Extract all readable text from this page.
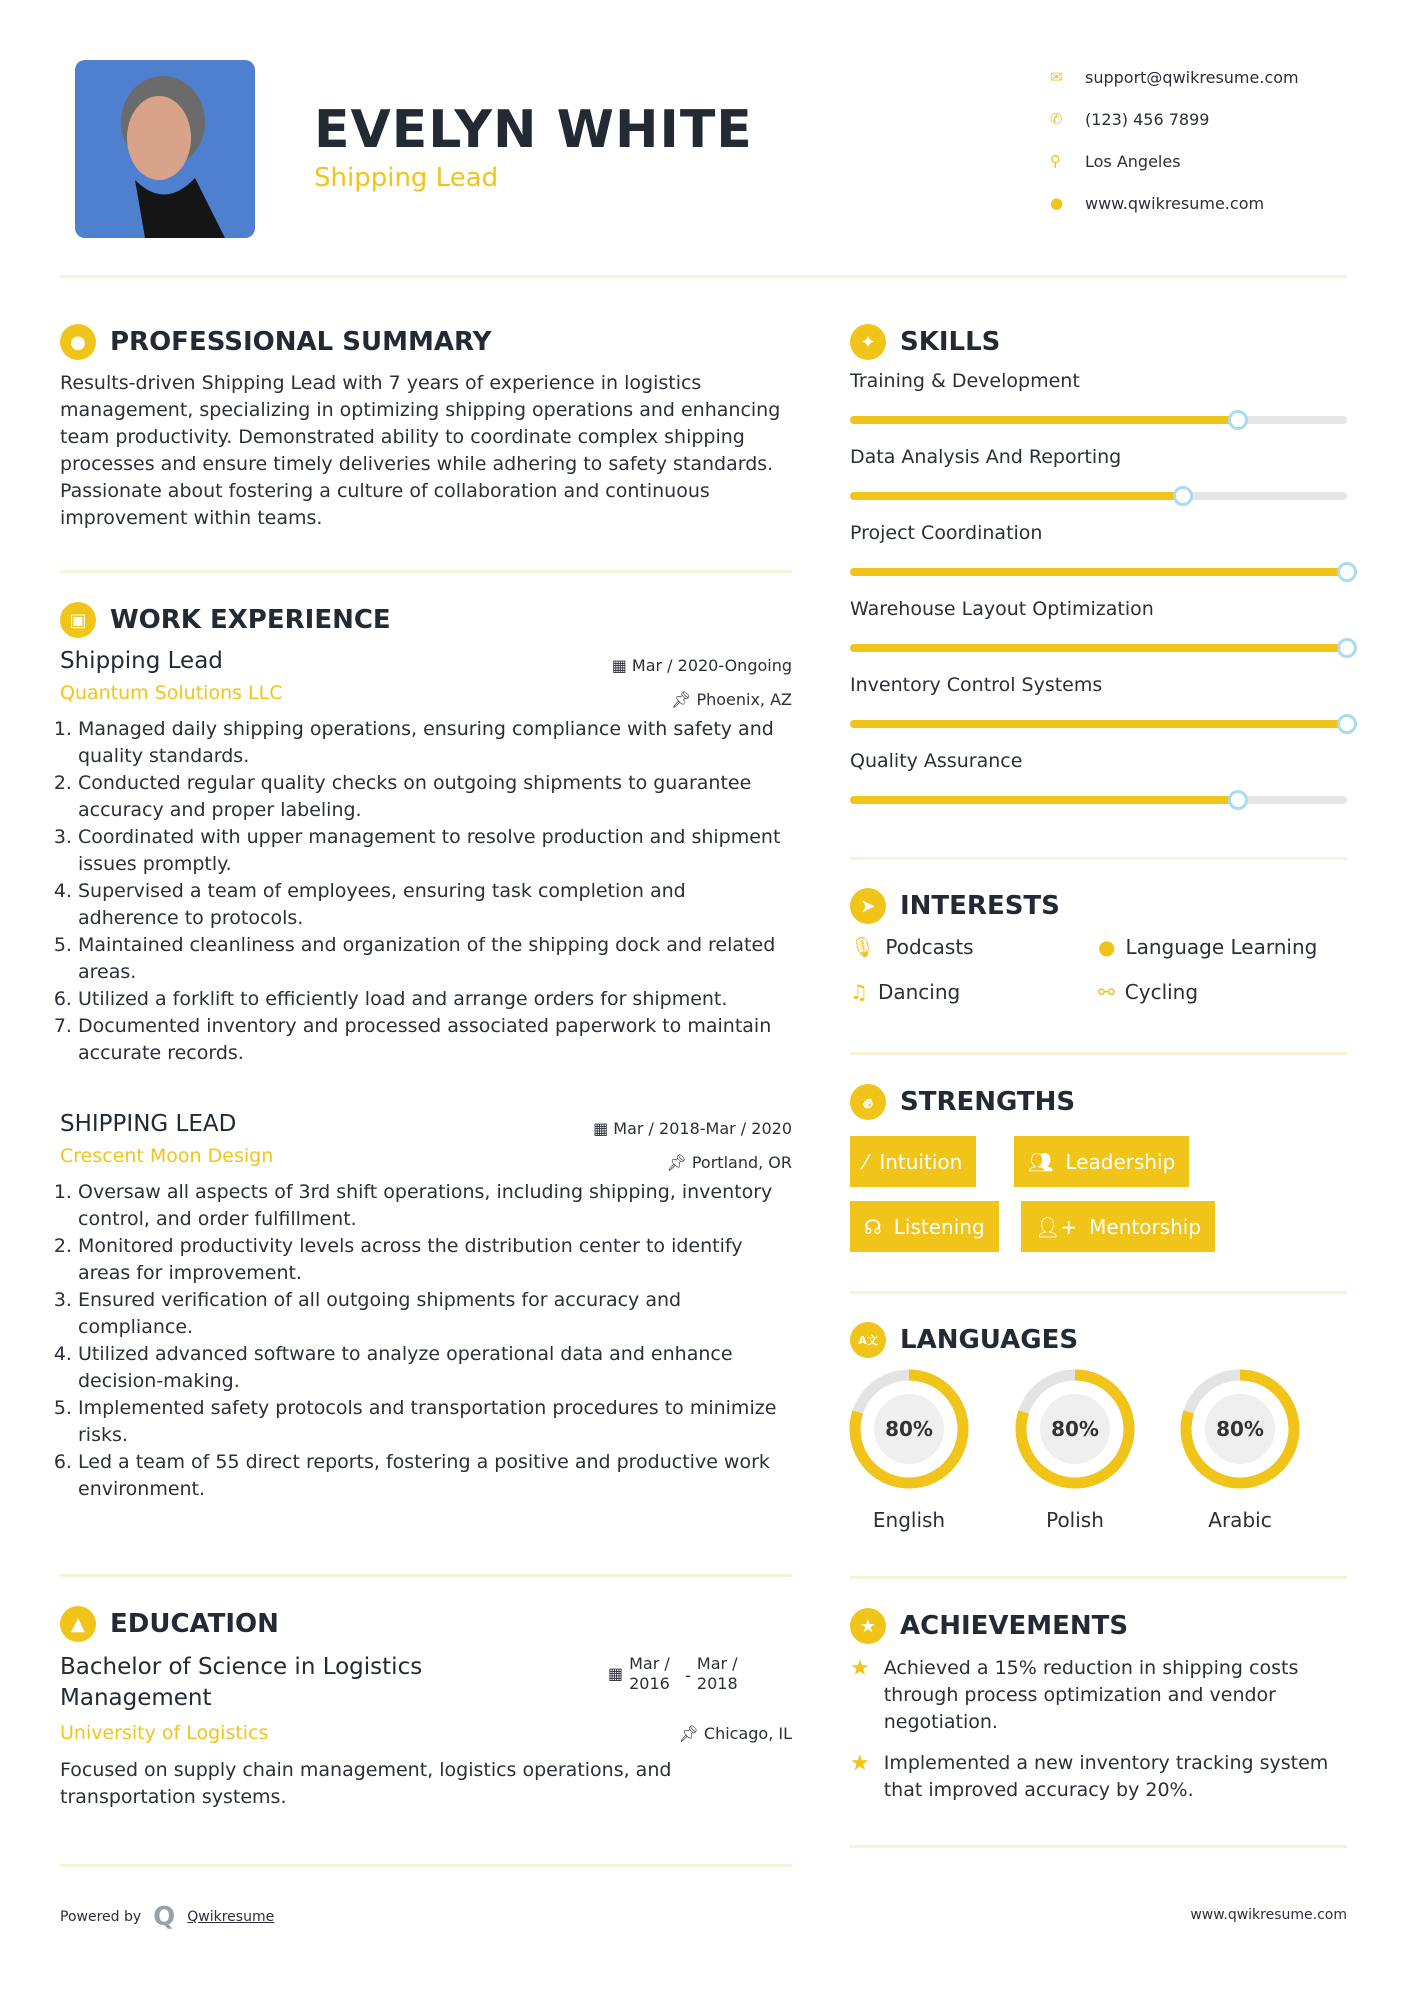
EVELYN WHITE
Shipping Lead
✉	support@qwikresume.com
✆	(123) 456 7899
⚲	Los Angeles
●	www.qwikresume.com
● PROFESSIONAL SUMMARY
Results-driven Shipping Lead with 7 years of experience in logistics management, specializing in optimizing shipping operations and enhancing team productivity. Demonstrated ability to coordinate complex shipping processes and ensure timely deliveries while adhering to safety standards. Passionate about fostering a culture of collaboration and continuous improvement within teams.
▣ WORK EXPERIENCE
Shipping Lead	▦ Mar / 2020-Ongoing
Quantum Solutions LLC	📌︎ Phoenix, AZ
1. Managed daily shipping operations, ensuring compliance with safety and quality standards.
2. Conducted regular quality checks on outgoing shipments to guarantee accuracy and proper labeling.
3. Coordinated with upper management to resolve production and shipment issues promptly.
4. Supervised a team of employees, ensuring task completion and adherence to protocols.
5. Maintained cleanliness and organization of the shipping dock and related areas.
6. Utilized a forklift to efficiently load and arrange orders for shipment.
7. Documented inventory and processed associated paperwork to maintain accurate records.
SHIPPING LEAD	▦ Mar / 2018-Mar / 2020
Crescent Moon Design	📌︎ Portland, OR
1. Oversaw all aspects of 3rd shift operations, including shipping, inventory control, and order fulfillment.
2. Monitored productivity levels across the distribution center to identify areas for improvement.
3. Ensured verification of all outgoing shipments for accuracy and compliance.
4. Utilized advanced software to analyze operational data and enhance decision-making.
5. Implemented safety protocols and transportation procedures to minimize risks.
6. Led a team of 55 direct reports, fostering a positive and productive work environment.
▲ EDUCATION
Bachelor of Science in Logistics Management
▦
Mar / 2016 -
Mar / 2018
University of Logistics	📌︎ Chicago, IL
Focused on supply chain management, logistics operations, and transportation systems.
✦ SKILLS
Training & Development
Data Analysis And Reporting
Project Coordination
Warehouse Layout Optimization
Inventory Control Systems
Quality Assurance
➤ INTERESTS
🎙︎ Podcasts	● Language Learning
♫ Dancing	⚯ Cycling
✊︎	STRENGTHS
⁄ Intuition	👥︎ Leadership
☊ Listening	👤︎+ Mentorship
A文 LANGUAGES
80%
English
80%
Polish
80%
Arabic
★ ACHIEVEMENTS
★ Achieved a 15% reduction in shipping costs through process optimization and vendor negotiation.
★ Implemented a new inventory tracking system that improved accuracy by 20%.
Powered by Q Qwikresume	www.qwikresume.com
